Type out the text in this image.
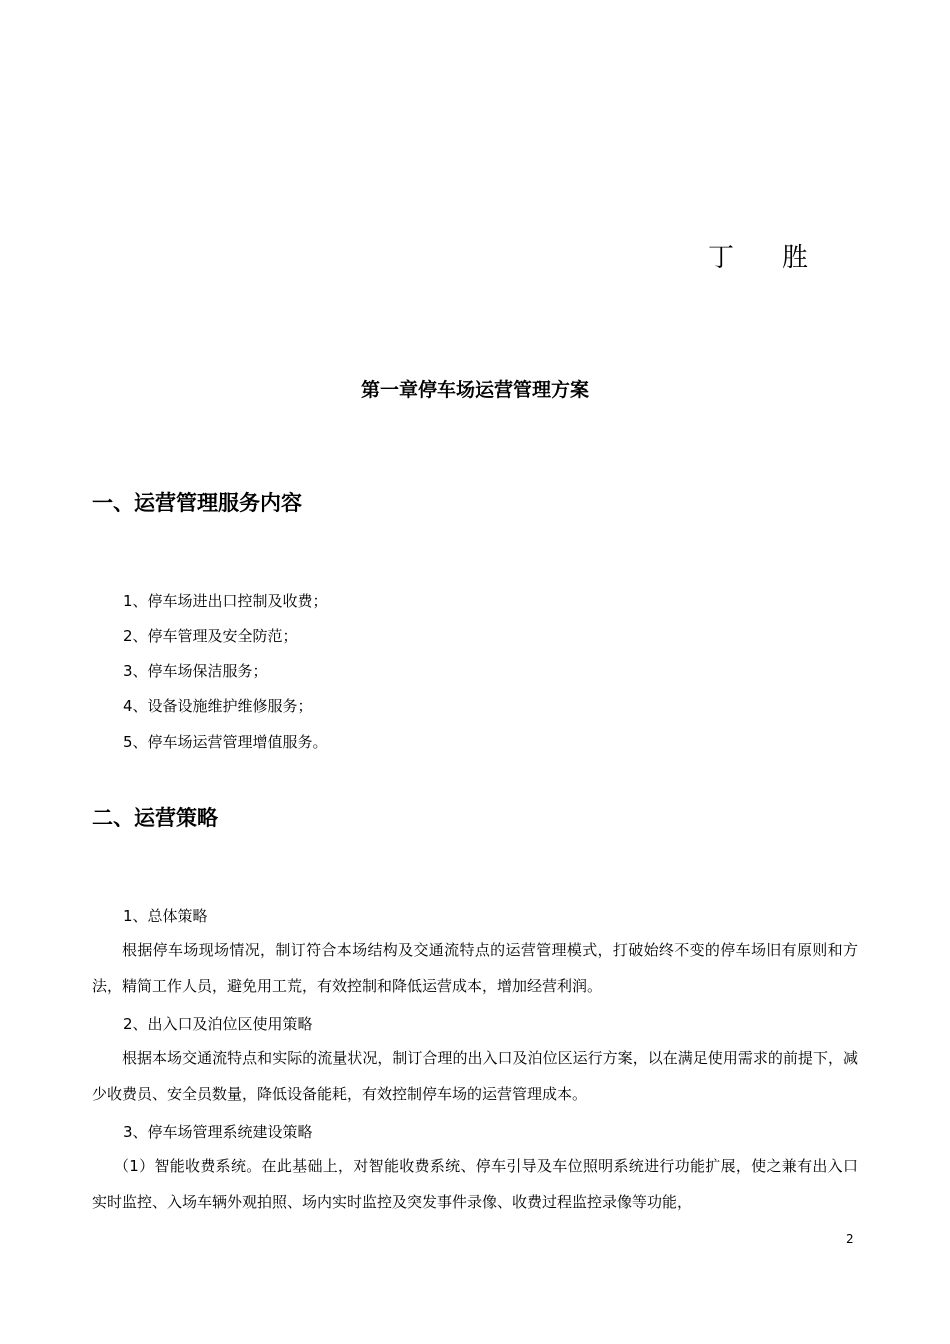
丁胜
第一章停车场运营管理方案
一、运营管理服务内容
1、停车场进出口控制及收费；
2、停车管理及安全防范；
3、停车场保洁服务；
4、设备设施维护维修服务；
5、停车场运营管理增值服务。
二、运营策略
1、总体策略
根据停车场现场情况，制订符合本场结构及交通流特点的运营管理模式，打破始终不变的停车场旧有原则和方法，精简工作人员，避免用工荒，有效控制和降低运营成本，增加经营利润。
2、出入口及泊位区使用策略
根据本场交通流特点和实际的流量状况，制订合理的出入口及泊位区运行方案，以在满足使用需求的前提下，减少收费员、安全员数量，降低设备能耗，有效控制停车场的运营管理成本。
3、停车场管理系统建设策略
（1）智能收费系统。在此基础上，对智能收费系统、停车引导及车位照明系统进行功能扩展，使之兼有出入口实时监控、入场车辆外观拍照、场内实时监控及突发事件录像、收费过程监控录像等功能，
2
